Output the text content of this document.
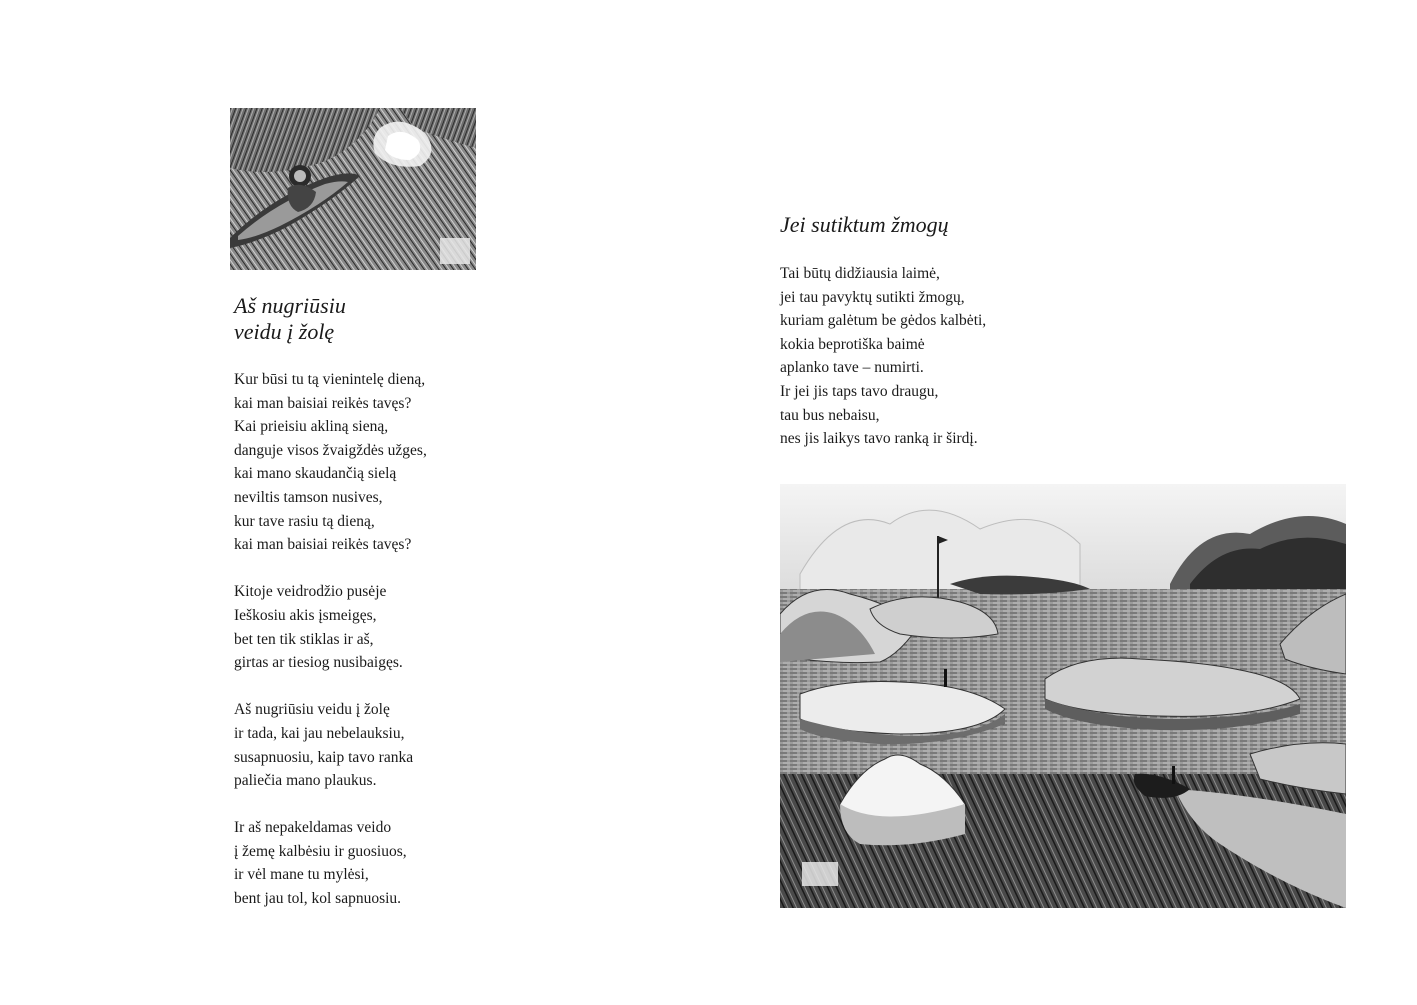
Aš nugriūsiu
veidu į žolę

Kur būsi tu tą vienintelę dieną,
kai man baisiai reikės tavęs?
Kai prieisiu akliną sieną,
danguje visos žvaigždės užges,
kai mano skaudančią sielą
neviltis tamson nusives,
kur tave rasiu tą dieną,
kai man baisiai reikės tavęs?

Kitoje veidrodžio pusėje
Ieškosiu akis įsmeigęs,
bet ten tik stiklas ir aš,
girtas ar tiesiog nusibaigęs.

Aš nugriūsiu veidu į žolę
ir tada, kai jau nebelauksiu,
susapnuosiu, kaip tavo ranka
paliečia mano plaukus.

Ir aš nepakeldamas veido
į žemę kalbėsiu ir guosiuos,
ir vėl mane tu mylėsi,
bent jau tol, kol sapnuosiu.

Jei sutiktum žmogų

Tai būtų didžiausia laimė,
jei tau pavyktų sutikti žmogų,
kuriam galėtum be gėdos kalbėti,
kokia beprotiška baimė
aplanko tave – numirti.
Ir jei jis taps tavo draugu,
tau bus nebaisu,
nes jis laikys tavo ranką ir širdį.
